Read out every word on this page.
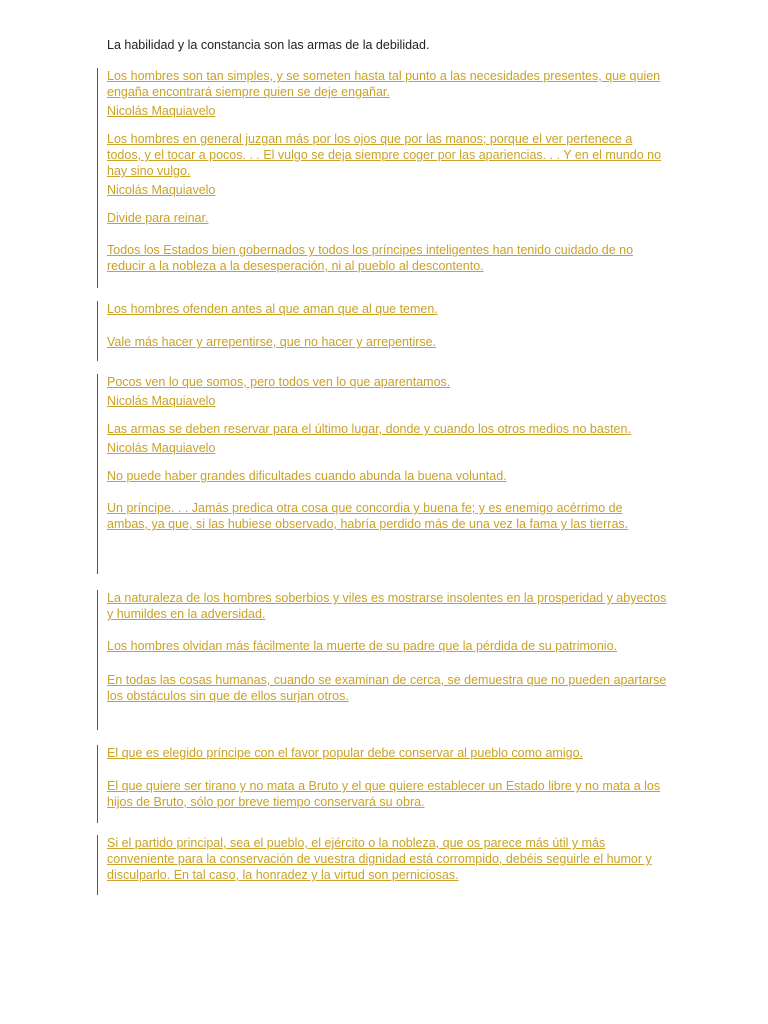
La habilidad y la constancia son las armas de la debilidad.
Los hombres son tan simples, y se someten hasta tal punto a las necesidades presentes, que quien engaña encontrará siempre quien se deje engañar.
Nicolás Maquiavelo
Los hombres en general juzgan más por los ojos que por las manos; porque el ver pertenece a todos, y el tocar a pocos. . . El vulgo se deja siempre coger por las apariencias. . . Y en el mundo no hay sino vulgo.
Nicolás Maquiavelo
Divide para reinar.
Todos los Estados bien gobernados y todos los príncipes inteligentes han tenido cuidado de no reducir a la nobleza a la desesperación, ni al pueblo al descontento.
Los hombres ofenden antes al que aman que al que temen.
Vale más hacer y arrepentirse, que no hacer y arrepentirse.
Pocos ven lo que somos, pero todos ven lo que aparentamos.
Nicolás Maquiavelo
Las armas se deben reservar para el último lugar, donde y cuando los otros medios no basten.
Nicolás Maquiavelo
No puede haber grandes dificultades cuando abunda la buena voluntad.
Un príncipe. . . Jamás predica otra cosa que concordia y buena fe; y es enemigo acérrimo de ambas, ya que, si las hubiese observado, habría perdido más de una vez la fama y las tierras.
La naturaleza de los hombres soberbios y viles es mostrarse insolentes en la prosperidad y abyectos y humildes en la adversidad.
Los hombres olvidan más fácilmente la muerte de su padre que la pérdida de su patrimonio.
En todas las cosas humanas, cuando se examinan de cerca, se demuestra que no pueden apartarse los obstáculos sin que de ellos surjan otros.
El que es elegido príncipe con el favor popular debe conservar al pueblo como amigo.
El que quiere ser tirano y no mata a Bruto y el que quiere establecer un Estado libre y no mata a los hijos de Bruto, sólo por breve tiempo conservará su obra.
Si el partido principal, sea el pueblo, el ejército o la nobleza, que os parece más útil y más conveniente para la conservación de vuestra dignidad está corrompido, debéis seguirle el humor y disculparlo. En tal caso, la honradez y la virtud son perniciosas.
